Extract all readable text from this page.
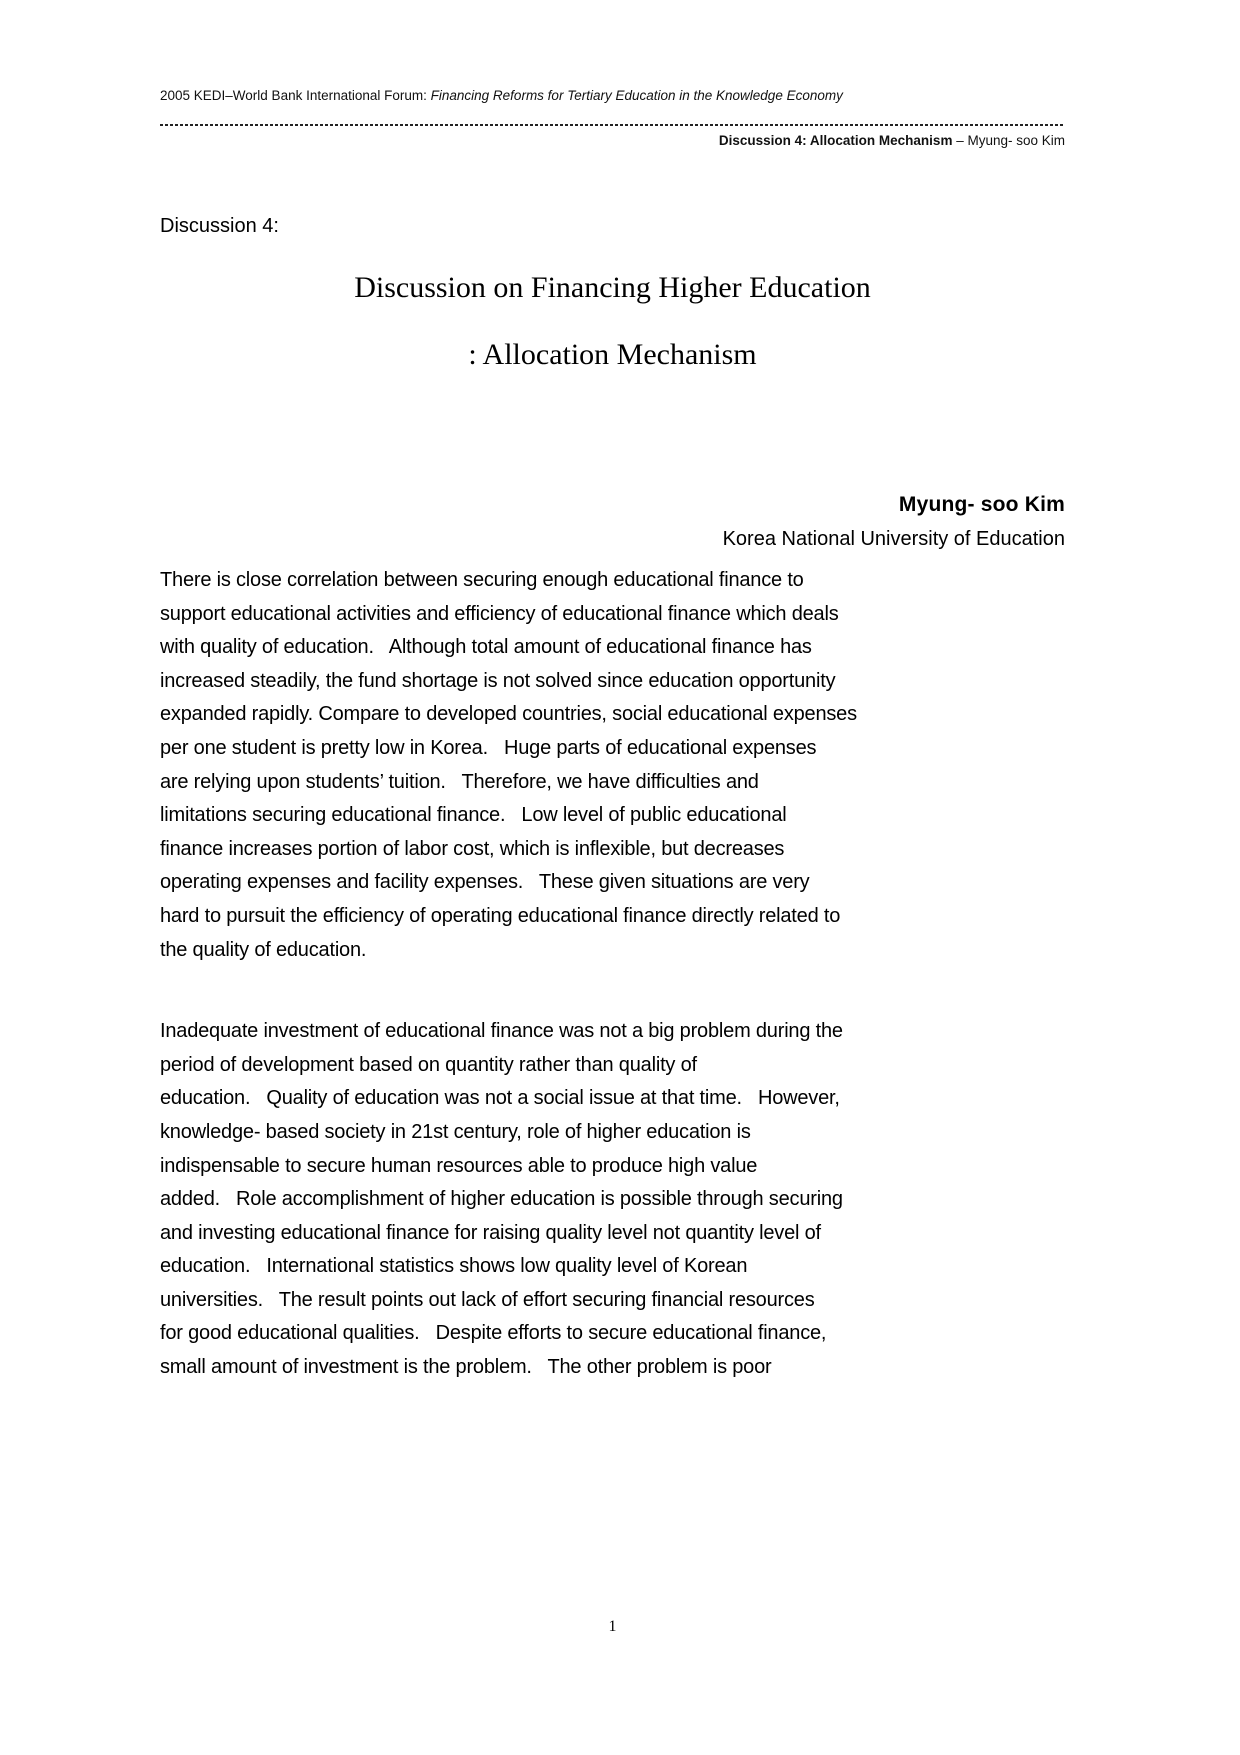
2005 KEDI–World Bank International Forum: Financing Reforms for Tertiary Education in the Knowledge Economy
Discussion 4: Allocation Mechanism – Myung- soo Kim
Discussion 4:
Discussion on Financing Higher Education
: Allocation Mechanism
Myung- soo Kim
Korea National University of Education
There is close correlation between securing enough educational finance to
support educational activities and efficiency of educational finance which deals
with quality of education.   Although total amount of educational finance has
increased steadily, the fund shortage is not solved since education opportunity
expanded rapidly. Compare to developed countries, social educational expenses
per one student is pretty low in Korea.   Huge parts of educational expenses
are relying upon students’ tuition.   Therefore, we have difficulties and
limitations securing educational finance.   Low level of public educational
finance increases portion of labor cost, which is inflexible, but decreases
operating expenses and facility expenses.   These given situations are very
hard to pursuit the efficiency of operating educational finance directly related to
the quality of education.
Inadequate investment of educational finance was not a big problem during the
period of development based on quantity rather than quality of
education.   Quality of education was not a social issue at that time.   However,
knowledge- based society in 21st century, role of higher education is
indispensable to secure human resources able to produce high value
added.   Role accomplishment of higher education is possible through securing
and investing educational finance for raising quality level not quantity level of
education.   International statistics shows low quality level of Korean
universities.   The result points out lack of effort securing financial resources
for good educational qualities.   Despite efforts to secure educational finance,
small amount of investment is the problem.   The other problem is poor
1
